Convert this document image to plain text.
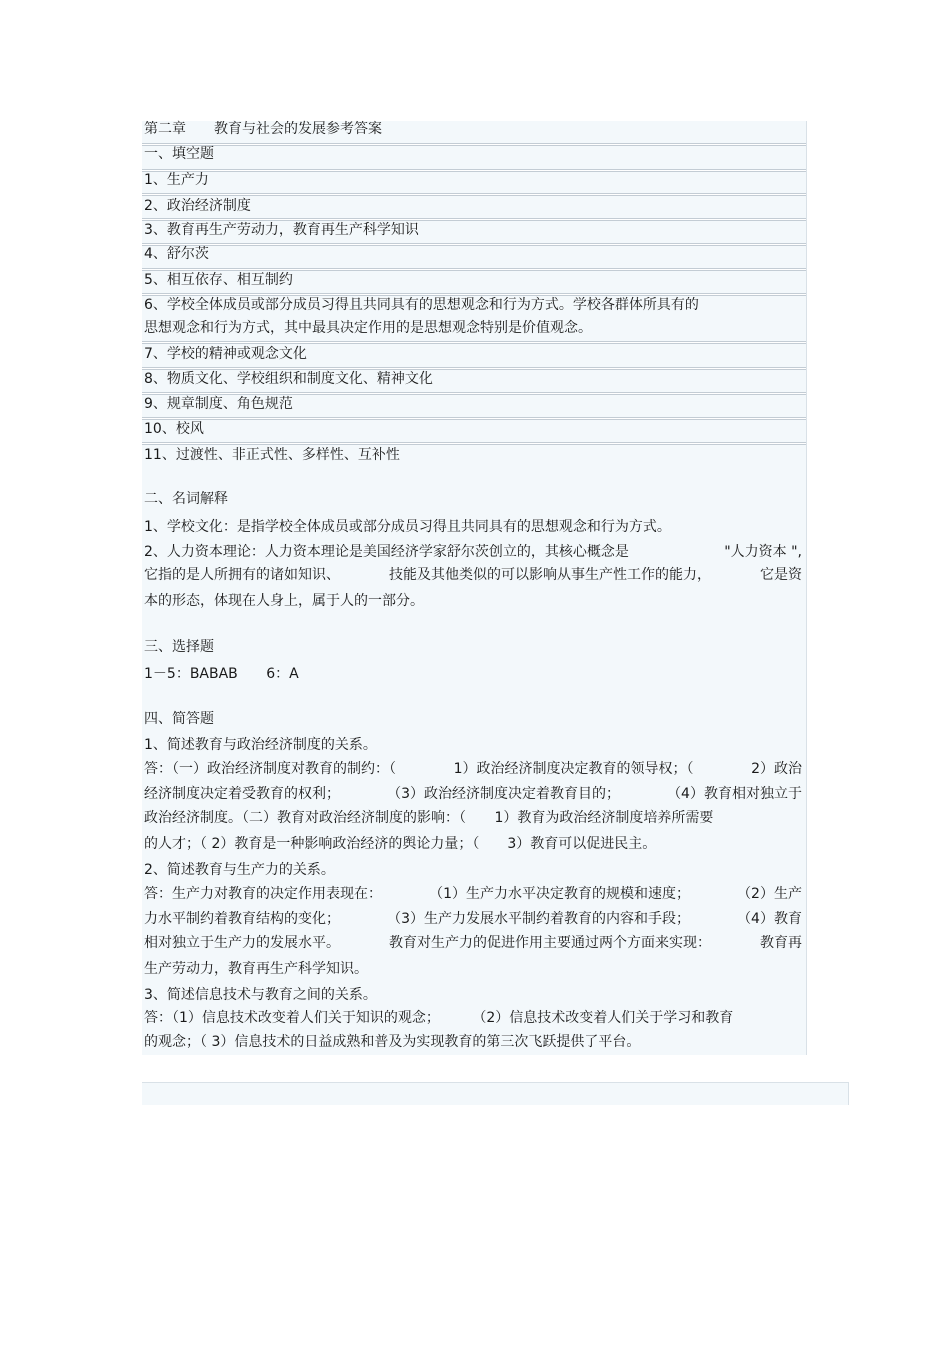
第二章　　教育与社会的发展参考答案
一、填空题
1、生产力
2、政治经济制度
3、教育再生产劳动力，教育再生产科学知识
4、舒尔茨
5、相互依存、相互制约
6、学校全体成员或部分成员习得且共同具有的思想观念和行为方式。学校各群体所具有的
思想观念和行为方式，其中最具决定作用的是思想观念特别是价值观念。
7、学校的精神或观念文化
8、物质文化、学校组织和制度文化、精神文化
9、规章制度、角色规范
10、校风
11、过渡性、非正式性、多样性、互补性
二、名词解释
1、学校文化：是指学校全体成员或部分成员习得且共同具有的思想观念和行为方式。
2、人力资本理论：人力资本理论是美国经济学家舒尔茨创立的，其核心概念是	"人力资本 ",
它指的是人所拥有的诸如知识、	技能及其他类似的可以影响从事生产性工作的能力，	它是资
本的形态，体现在人身上，属于人的一部分。
三、选择题
1－5：BABAB 6：A
四、简答题
1、简述教育与政治经济制度的关系。
答：（一）政治经济制度对教育的制约：（	1）政治经济制度决定教育的领导权；（	2）政治
经济制度决定着受教育的权利；	（3）政治经济制度决定着教育目的；	（4）教育相对独立于
政治经济制度。（二）教育对政治经济制度的影响：（ 1）教育为政治经济制度培养所需要
的人才；（ 2）教育是一种影响政治经济的舆论力量；（　　3）教育可以促进民主。
2、简述教育与生产力的关系。
答：生产力对教育的决定作用表现在：	（1）生产力水平决定教育的规模和速度；	（2）生产
力水平制约着教育结构的变化；	（3）生产力发展水平制约着教育的内容和手段；	（4）教育
相对独立于生产力的发展水平。	教育对生产力的促进作用主要通过两个方面来实现：	教育再
生产劳动力，教育再生产科学知识。
3、简述信息技术与教育之间的关系。
答：（1）信息技术改变着人们关于知识的观念； （2）信息技术改变着人们关于学习和教育
的观念；（ 3）信息技术的日益成熟和普及为实现教育的第三次飞跃提供了平台。
